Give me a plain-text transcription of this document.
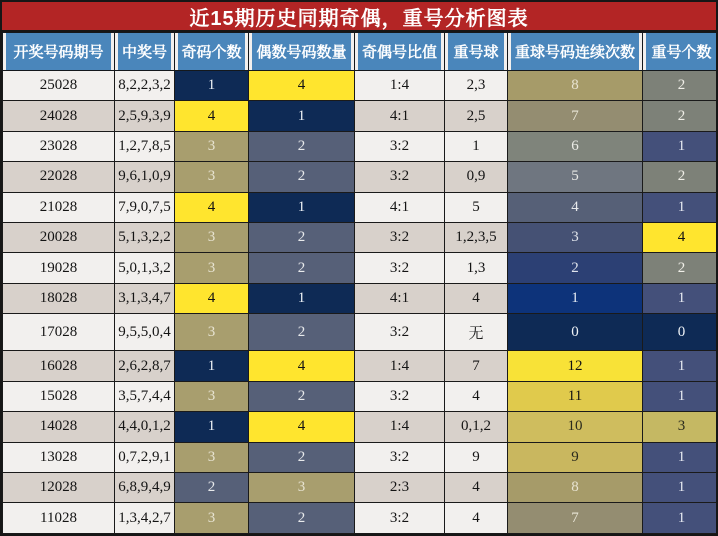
近15期历史同期奇偶，重号分析图表
开奖号码期号	中奖号	奇码个数	偶数号码数量	奇偶号比值	重号球	重球号码连续次数	重号个数
25028	8,2,2,3,2	1	4	1:4	2,3	8	2
24028	2,5,9,3,9	4	1	4:1	2,5	7	2
23028	1,2,7,8,5	3	2	3:2	1	6	1
22028	9,6,1,0,9	3	2	3:2	0,9	5	2
21028	7,9,0,7,5	4	1	4:1	5	4	1
20028	5,1,3,2,2	3	2	3:2	1,2,3,5	3	4
19028	5,0,1,3,2	3	2	3:2	1,3	2	2
18028	3,1,3,4,7	4	1	4:1	4	1	1
17028	9,5,5,0,4	3	2	3:2	无	0	0
16028	2,6,2,8,7	1	4	1:4	7	12	1
15028	3,5,7,4,4	3	2	3:2	4	11	1
14028	4,4,0,1,2	1	4	1:4	0,1,2	10	3
13028	0,7,2,9,1	3	2	3:2	9	9	1
12028	6,8,9,4,9	2	3	2:3	4	8	1
11028	1,3,4,2,7	3	2	3:2	4	7	1
